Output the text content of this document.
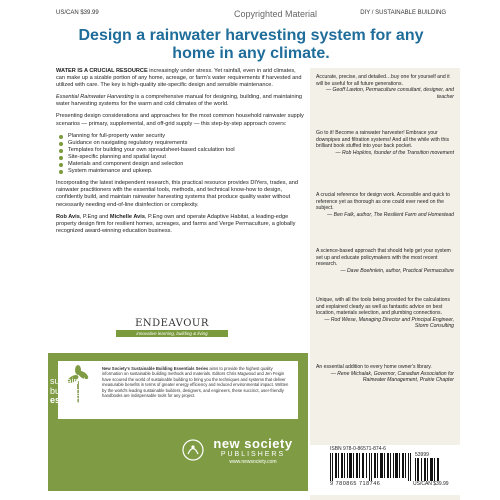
US/CAN $39.99	Copyrighted Material	DIY / SUSTAINABLE BUILDING
Design a rainwater harvesting system for any home in any climate.

WATER IS A CRUCIAL RESOURCE increasingly under stress. Yet rainfall, even in arid climates, can make up a sizable portion of any home, acreage, or farm's water requirements if harvested and utilized with care. The key is high-quality site-specific design and sensible maintenance.

Essential Rainwater Harvesting is a comprehensive manual for designing, building, and maintaining water harvesting systems for the warm and cold climates of the world.

Presenting design considerations and approaches for the most common household rainwater supply scenarios — primary, supplemental, and off-grid supply — this step-by-step approach covers:

Planning for full-property water security
Guidance on navigating regulatory requirements
Templates for building your own spreadsheet-based calculation tool
Site-specific planning and spatial layout
Materials and component design and selection
System maintenance and upkeep.

Incorporating the latest independent research, this practical resource provides DIYers, trades, and rainwater practitioners with the essential tools, methods, and technical know-how to design, confidently build, and maintain rainwater harvesting systems that produce quality water without necessarily needing end-of-line disinfection or complexity.

Rob Avis, P.Eng and Michelle Avis, P.Eng own and operate Adaptive Habitat, a leading-edge property design firm for resilient homes, acreages, and farms and Verge Permaculture, a globally recognized award-winning education business.

ENDEAVOUR
innovative learning, building & living
New Society's Sustainable Building Essentials Series aims to provide the highest quality information on sustainable building methods and materials. Editors Chris Magwood and Jen Feigin have scoured the world of sustainable building to bring you the techniques and systems that deliver measurable benefits in terms of greater energy efficiency and reduced environmental impact. Written by the world's leading sustainable builders, designers, and engineers, these succinct, user-friendly handbooks are indispensable tools for any project.
sustainable
building
essentials
new society
PUBLISHERS
www.newsociety.com
Accurate, precise, and detailed…buy one for yourself and it will be useful for all future generations.
— Geoff Lawton, Permaculture consultant, designer, and teacher
Go to it! Become a rainwater harvester! Embrace your downpipes and filtration systems! And all the while with this brilliant book stuffed into your back pocket.
— Rob Hopkins, founder of the Transition movement
A crucial reference for design work. Accessible and quick to reference yet as thorough as one could ever need on the subject.
— Ben Falk, author, The Resilient Farm and Homestead
A science-based approach that should help get your system set up and educate policymakers with the most recent research.
— Dave Boehnlein, author, Practical Permaculture
Unique, with all the tools being provided for the calculations and explained clearly as well as fantastic advice on best location, materials selection, and plumbing connections.
— Rod Wiese, Managing Director and Principal Engineer, Storm Consulting
An essential addition to every home owner's library.
— Rene Michalak, Governor, Canadian Association for Rainwater Management, Prairie Chapter
ISBN 978-0-86571-874-6
9 780865 718746	US/CAN $39.99
53999
